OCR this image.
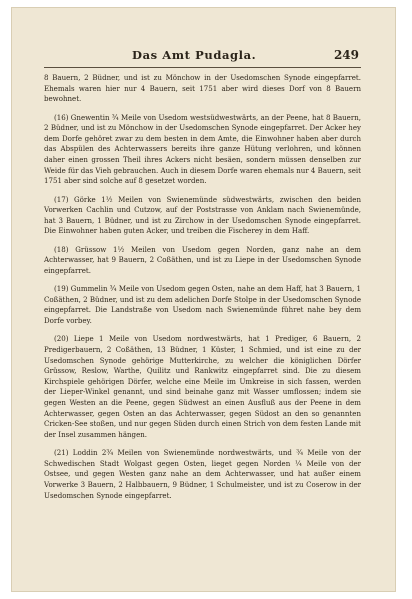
Das Amt Pudagla.	249

8 Bauern, 2 Büdner, und ist zu Mönchow in der Usedomschen Synode eingepfarret. Ehemals waren hier nur 4 Bauern, seit 1751 aber wird dieses Dorf von 8 Bauern bewohnet.

(16) Gnewentin ¾ Meile von Usedom westsüdwestwärts, an der Peene, hat 8 Bauern, 2 Büdner, und ist zu Mönchow in der Usedomschen Synode eingepfarret. Der Acker hey dem Dorfe gehöret zwar zu dem besten in dem Amte, die Einwohner haben aber durch das Abspülen des Achterwassers bereits ihre ganze Hütung verlohren, und können daher einen grossen Theil ihres Ackers nicht besäen, sondern müssen denselben zur Weide für das Vieh gebrauchen. Auch in diesem Dorfe waren ehemals nur 4 Bauern, seit 1751 aber sind solche auf 8 gesetzet worden.

(17) Görke 1½ Meilen von Swienemünde südwestwärts, zwischen den beiden Vorwerken Cachlin und Cutzow, auf der Poststrasse von Anklam nach Swienemünde, hat 3 Bauern, 1 Büdner, und ist zu Zirchow in der Usedomschen Synode eingepfarret. Die Einwohner haben guten Acker, und treiben die Fischerey in dem Haff.

(18) Grüssow 1½ Meilen von Usedom gegen Norden, ganz nahe an dem Achterwasser, hat 9 Bauern, 2 Coßäthen, und ist zu Liepe in der Usedomschen Synode eingepfarret.

(19) Gummelin ¾ Meile von Usedom gegen Osten, nahe an dem Haff, hat 3 Bauern, 1 Coßäthen, 2 Büdner, und ist zu dem adelichen Dorfe Stolpe in der Usedomschen Synode eingepfarret. Die Landstraße von Usedom nach Swienemünde führet nahe bey dem Dorfe vorbey.

(20) Liepe 1 Meile von Usedom nordwestwärts, hat 1 Prediger, 6 Bauern, 2 Predigerbauern, 2 Coßäthen, 13 Büdner, 1 Küster, 1 Schmied, und ist eine zu der Usedomschen Synode gehörige Mutterkirche, zu welcher die königlichen Dörfer Grüssow, Reslow, Warthe, Quilitz und Rankwitz eingepfarret sind. Die zu diesem Kirchspiele gehörigen Dörfer, welche eine Meile im Umkreise in sich fassen, werden der Lieper-Winkel genannt, und sind beinahe ganz mit Wasser umflossen; indem sie gegen Westen an die Peene, gegen Südwest an einen Ausfluß aus der Peene in dem Achterwasser, gegen Osten an das Achterwasser, gegen Südost an den so genannten Cricken-See stoßen, und nur gegen Süden durch einen Strich von dem festen Lande mit der Insel zusammen hängen.

(21) Loddin 2¾ Meilen von Swienemünde nordwestwärts, und ¾ Meile von der Schwedischen Stadt Wolgast gegen Osten, lieget gegen Norden ¼ Meile von der Ostsee, und gegen Westen ganz nahe an dem Achterwasser, und hat außer einem Vorwerke 3 Bauern, 2 Halbbauern, 9 Büdner, 1 Schulmeister, und ist zu Coserow in der Usedomschen Synode eingepfarret.
